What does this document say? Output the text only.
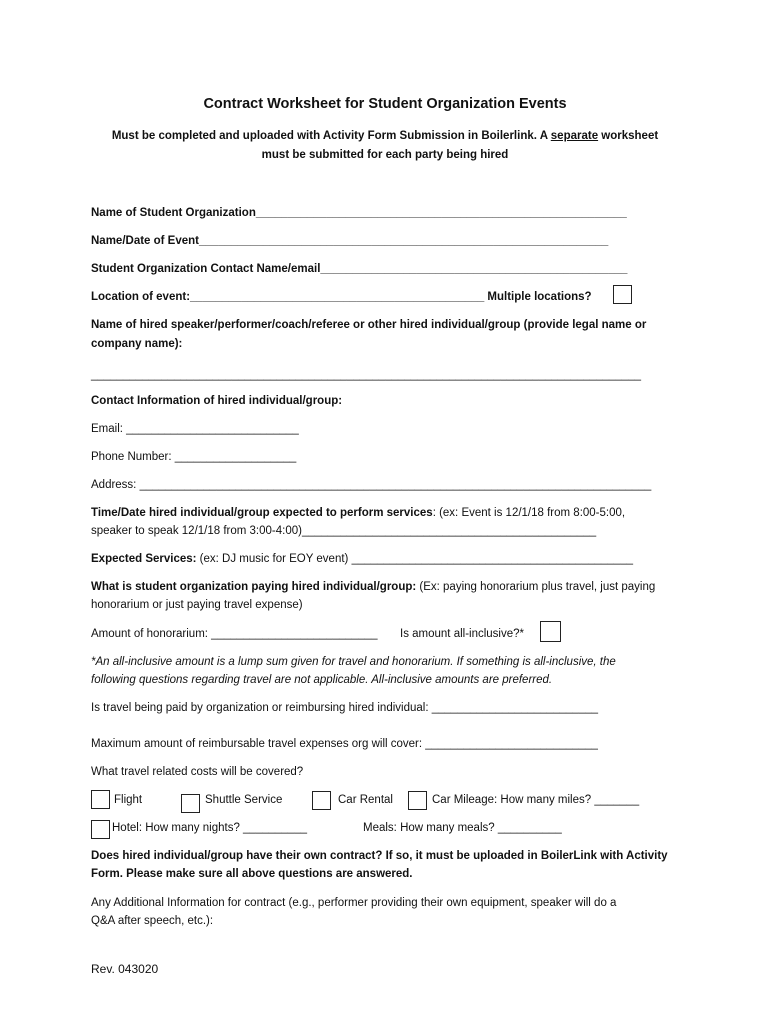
Contract Worksheet for Student Organization Events
Must be completed and uploaded with Activity Form Submission in Boilerlink. A separate worksheet
must be submitted for each party being hired
Name of Student Organization__________________________________________________________
Name/Date of Event________________________________________________________________
Student Organization Contact Name/email________________________________________________
Location of event:______________________________________________ Multiple locations?
Name of hired speaker/performer/coach/referee or other hired individual/group (provide legal name or
company name):
______________________________________________________________________________________
Contact Information of hired individual/group:
Email: ___________________________
Phone Number: ___________________
Address: ________________________________________________________________________________
Time/Date hired individual/group expected to perform services: (ex: Event is 12/1/18 from 8:00-5:00,
speaker to speak 12/1/18 from 3:00-4:00)______________________________________________
Expected Services: (ex: DJ music for EOY event) ____________________________________________
What is student organization paying hired individual/group: (Ex: paying honorarium plus travel, just paying
honorarium or just paying travel expense)
Amount of honorarium: __________________________ Is amount all-inclusive?*
*An all-inclusive amount is a lump sum given for travel and honorarium. If something is all-inclusive, the
following questions regarding travel are not applicable. All-inclusive amounts are preferred.
Is travel being paid by organization or reimbursing hired individual: __________________________
Maximum amount of reimbursable travel expenses org will cover: ___________________________
What travel related costs will be covered?
Flight	Shuttle Service	Car Rental	Car Mileage: How many miles? _______
Hotel: How many nights? __________	Meals: How many meals? __________
Does hired individual/group have their own contract? If so, it must be uploaded in BoilerLink with Activity
Form. Please make sure all above questions are answered.
Any Additional Information for contract (e.g., performer providing their own equipment, speaker will do a
Q&A after speech, etc.):
Rev. 043020
